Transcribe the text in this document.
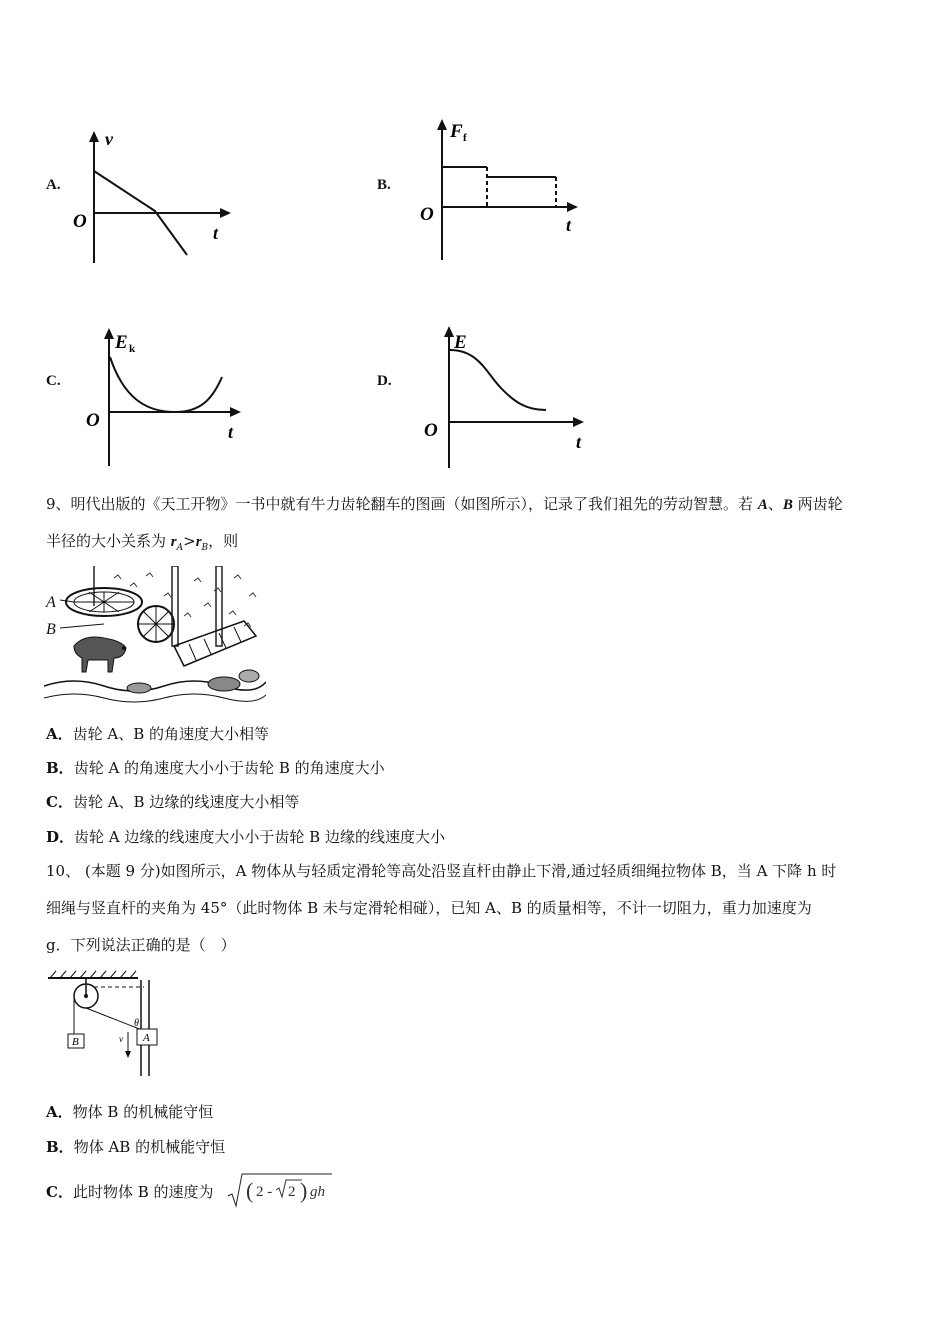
A.
v
O
t
B.
F f
O	t
C.
E k
O
t
D.
E
O
t
9、明代出版的《天工开物》一书中就有牛力齿轮翻车的图画（如图所示），记录了我们祖先的劳动智慧。若 A、B 两齿轮
半径的大小关系为 $r_A>r_B$，则
A
B
A．齿轮 A、B 的角速度大小相等
B．齿轮 A 的角速度大小小于齿轮 B 的角速度大小
C．齿轮 A、B 边缘的线速度大小相等
D．齿轮 A 边缘的线速度大小小于齿轮 B 边缘的线速度大小
10、 (本题 9 分)如图所示，A 物体从与轻质定滑轮等高处沿竖直杆由静止下滑,通过轻质细绳拉物体 B，当 A 下降 h 时
细绳与竖直杆的夹角为 45°（此时物体 B 未与定滑轮相碰），已知 A、B 的质量相等，不计一切阻力，重力加速度为
g．下列说法正确的是（　）
B	A
θ
v
A．物体 B 的机械能守恒
B．物体 AB 的机械能守恒
C．此时物体 B 的速度为 ( 2 - 2 ) gh
